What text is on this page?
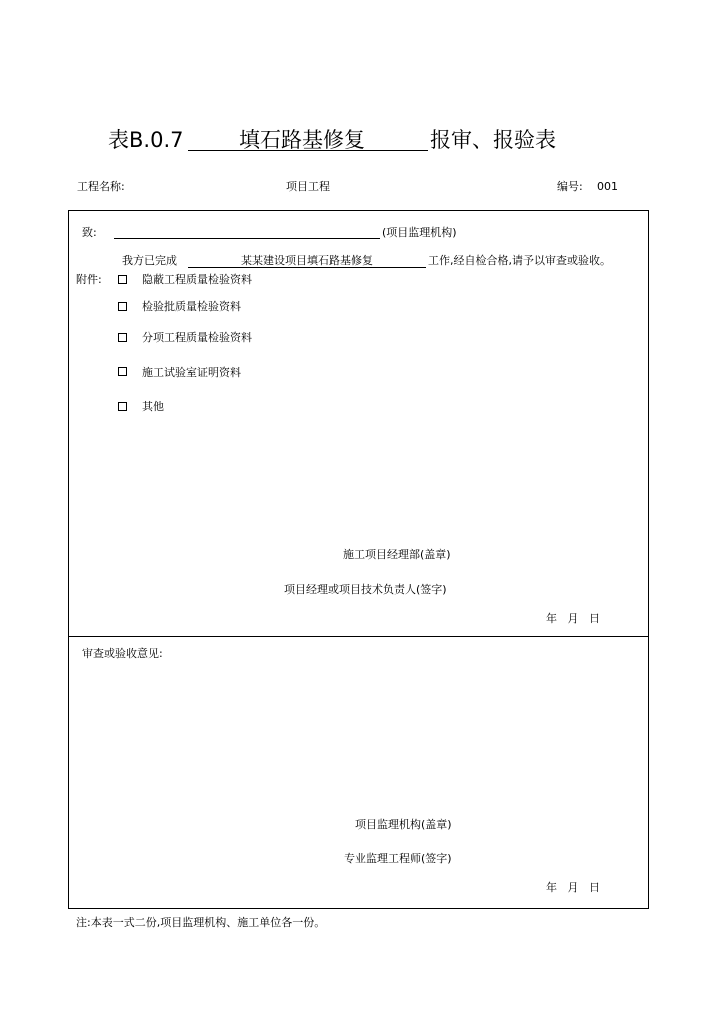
表B.0.7	填石路基修复	报审、报验表
工程名称:	项目工程	编号: 001
致:	(项目监理机构)
我方已完成	某某建设项目填石路基修复	工作,经自检合格,请予以审查或验收。
附件:	隐蔽工程质量检验资料
检验批质量检验资料
分项工程质量检验资料
施工试验室证明资料
其他
施工项目经理部(盖章)
项目经理或项目技术负责人(签字)
年   月   日
审查或验收意见:
项目监理机构(盖章)
专业监理工程师(签字)
年   月   日
注:本表一式二份,项目监理机构、施工单位各一份。
